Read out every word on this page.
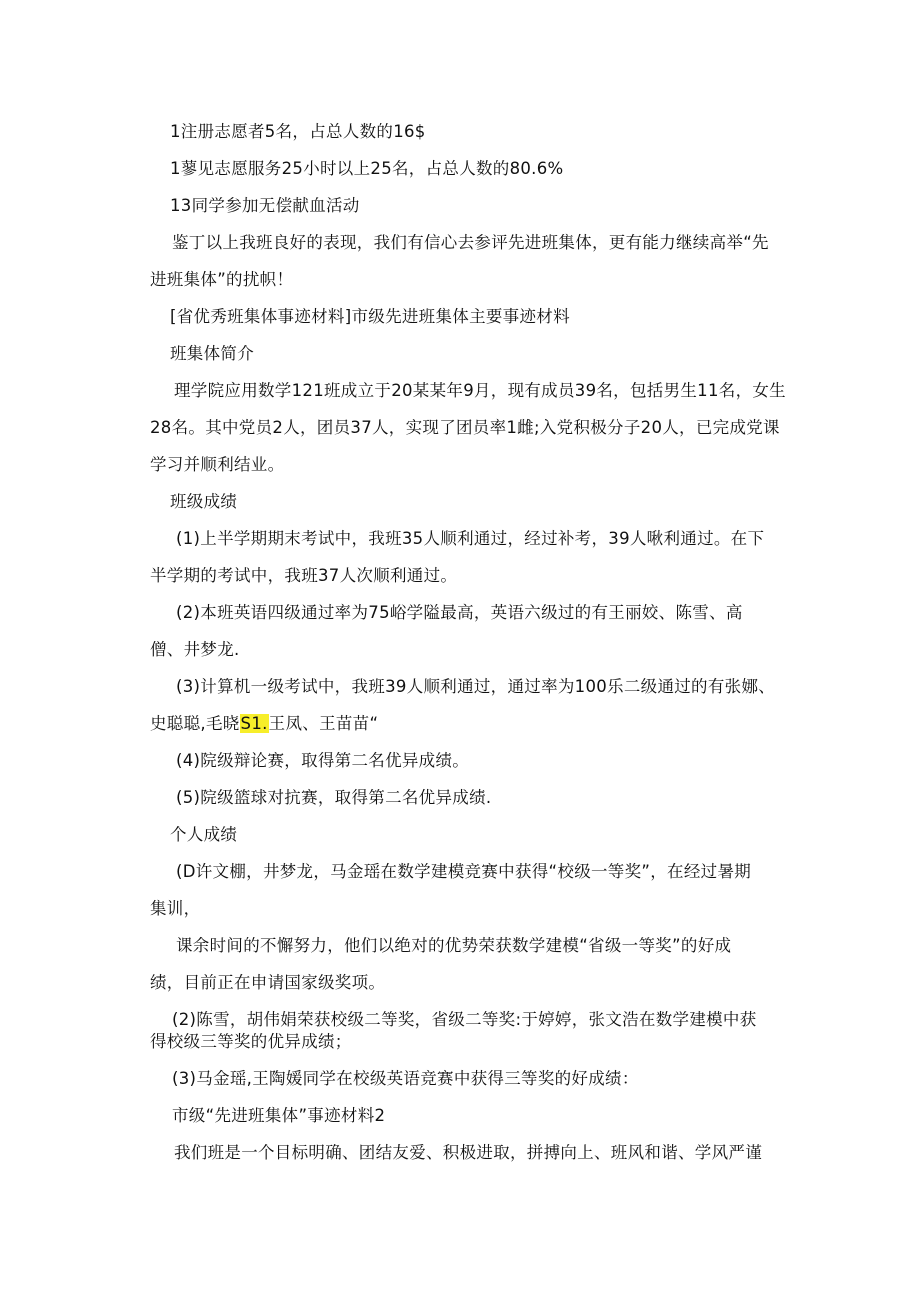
1注册志愿者5名，占总人数的16$
1蓼见志愿服务25小时以上25名，占总人数的80.6%
13同学参加无偿献血活动
鉴丁以上我班良好的表现，我们有信心去参评先进班集体，更有能力继续高举“先
进班集体”的扰帜！
[省优秀班集体事迹材料]市级先进班集体主要事迹材料
班集体简介
理学院应用数学121班成立于20某某年9月，现有成员39名，包括男生11名，女生
28名。其中党员2人，团员37人，实现了团员率1雌;入党积极分子20人，已完成党课
学习并顺利结业。
班级成绩
(1)上半学期期末考试中，我班35人顺利通过，经过补考，39人啾利通过。在下
半学期的考试中，我班37人次顺利通过。
(2)本班英语四级通过率为75峪学隘最高，英语六级过的有王丽姣、陈雪、高
僧、井梦龙.
(3)计算机一级考试中，我班39人顺利通过，通过率为100乐二级通过的有张娜、
史聪聪,毛晓S1.王凤、王苗苗“
(4)院级辩论赛，取得第二名优异成绩。
(5)院级篮球对抗赛，取得第二名优异成绩.
个人成绩
(D许文棚，井梦龙，马金瑶在数学建模竞赛中获得“校级一等奖”，在经过暑期
集训，
课余时间的不懈努力，他们以绝对的优势荣获数学建模“省级一等奖”的好成
绩，目前正在申请国家级奖项。
(2)陈雪，胡伟娟荣获校级二等奖，省级二等奖:于婷婷，张文浩在数学建模中获
得校级三等奖的优异成绩；
(3)马金瑶,王陶媛同学在校级英语竞赛中获得三等奖的好成绩：
市级“先进班集体”事迹材料2
我们班是一个目标明确、团结友爱、积极进取，拼搏向上、班风和谐、学风严谨
